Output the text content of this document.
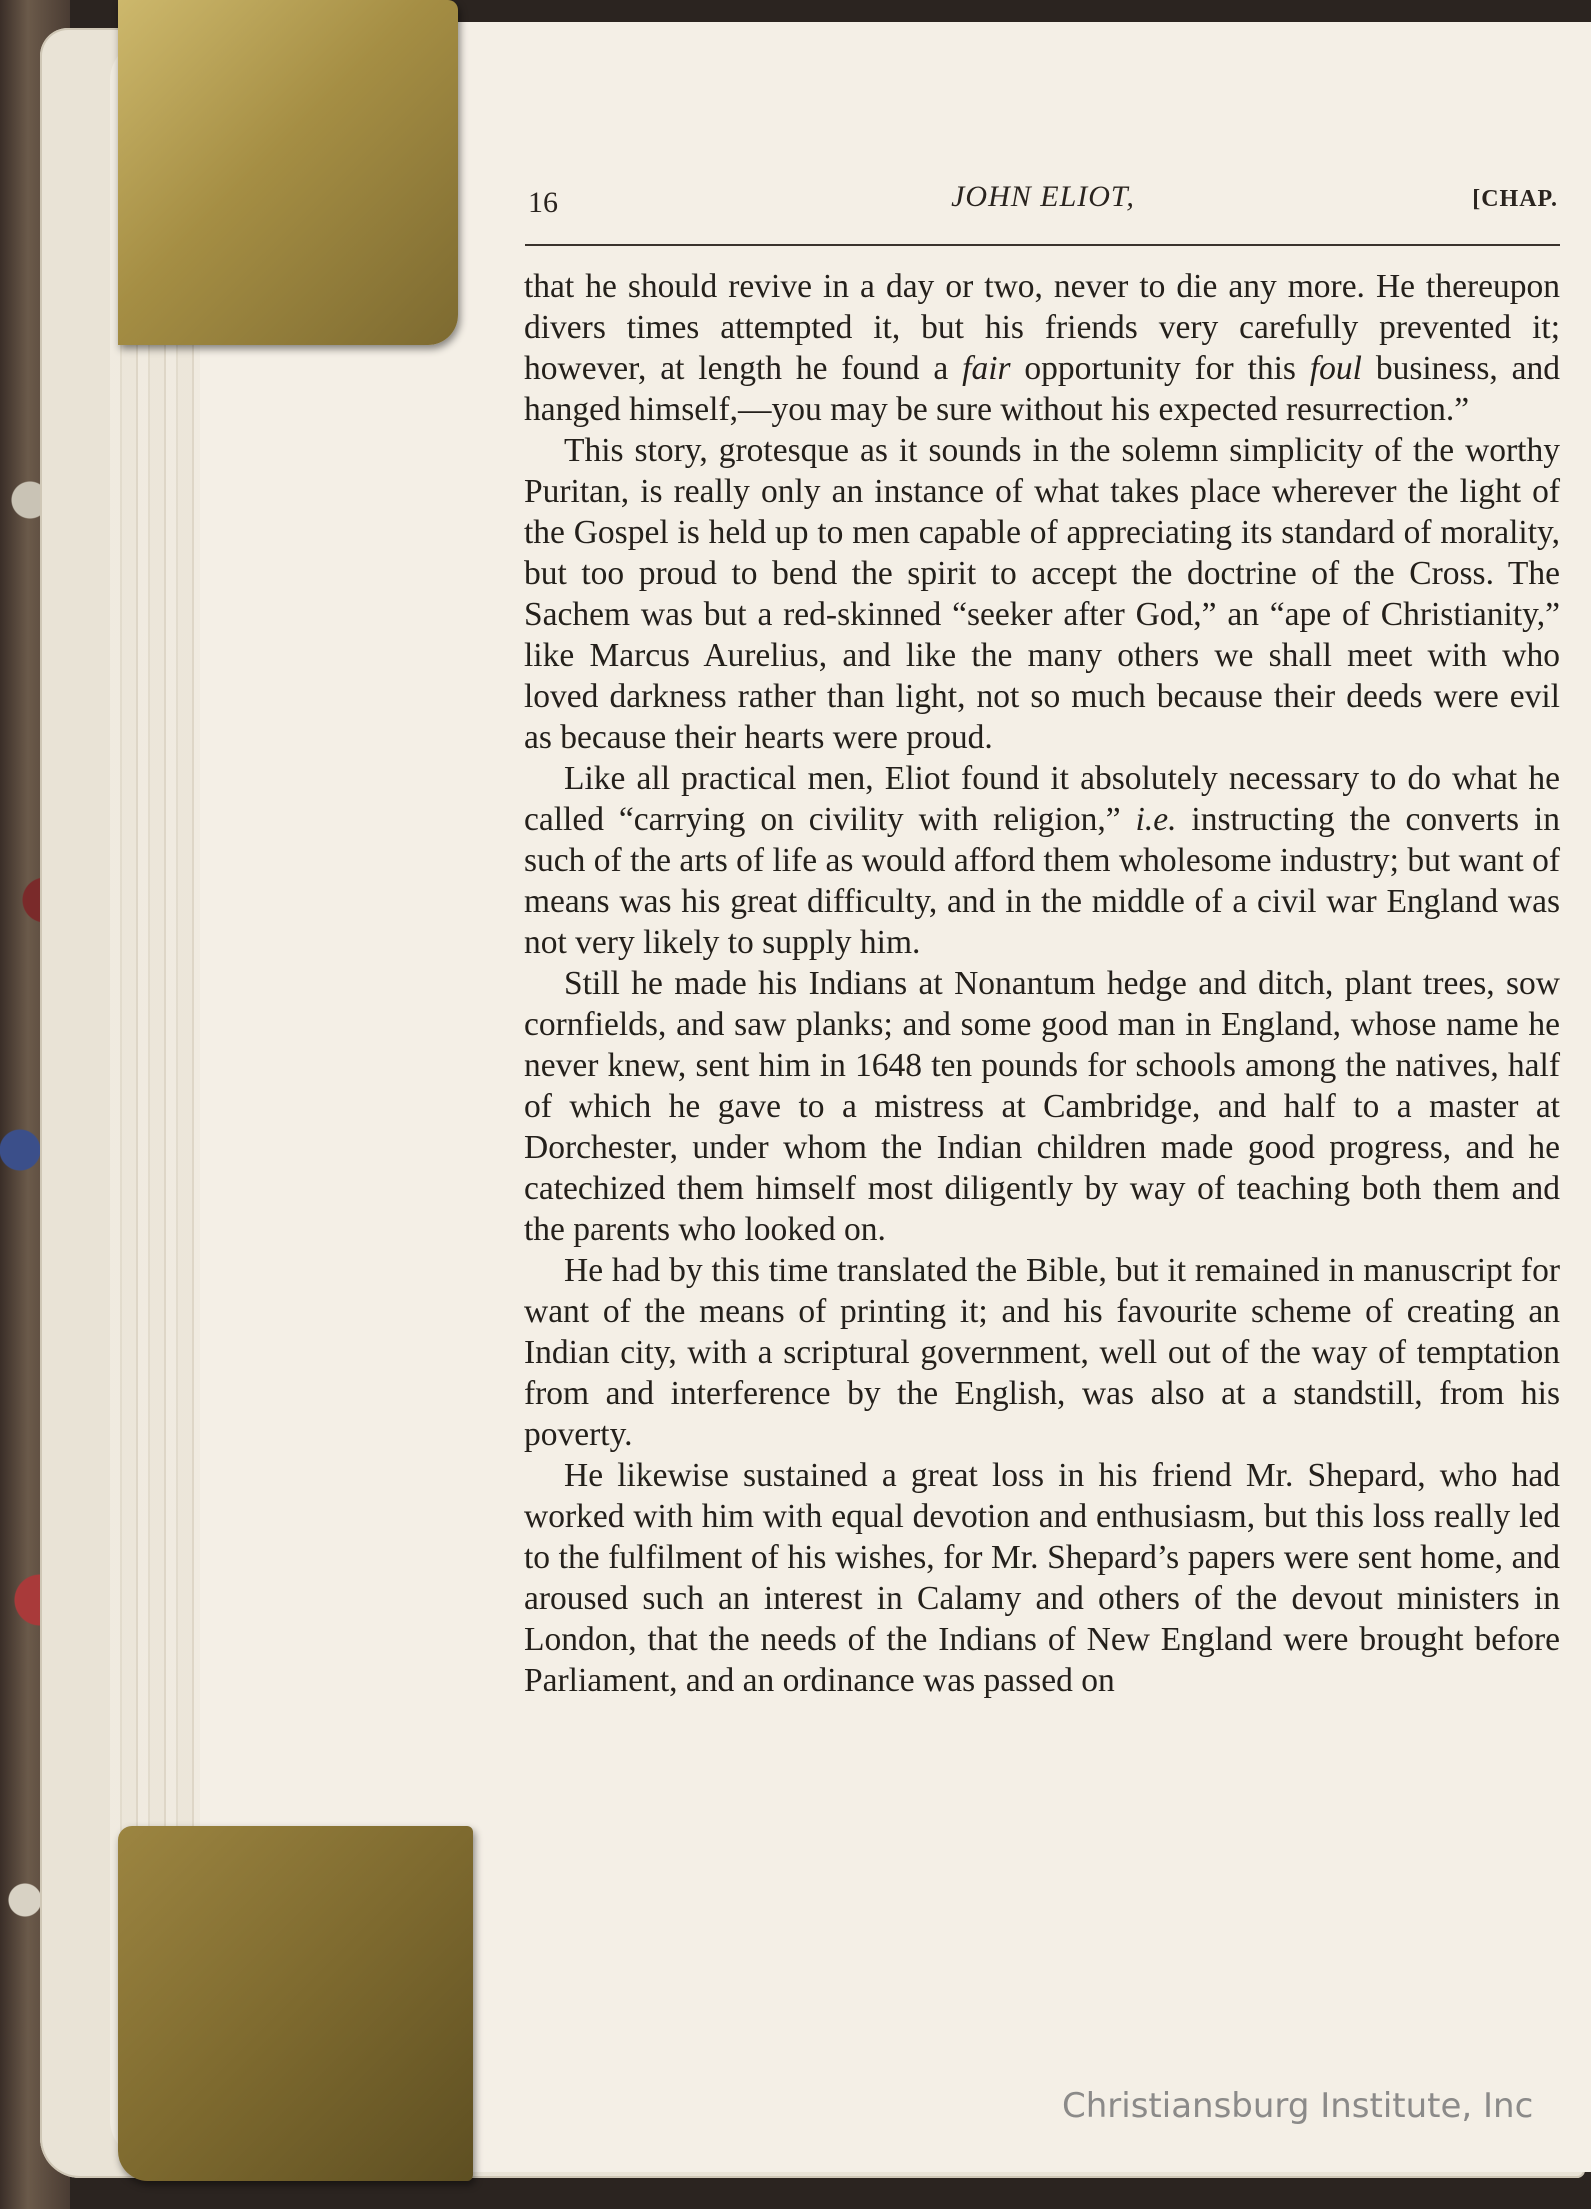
16	JOHN ELIOT,	[CHAP.

that he should revive in a day or two, never to die any more. He thereupon divers times attempted it, but his friends very carefully prevented it; however, at length he found a fair opportunity for this foul business, and hanged himself,—you may be sure without his expected resurrection.”

This story, grotesque as it sounds in the solemn simplicity of the worthy Puritan, is really only an instance of what takes place wherever the light of the Gospel is held up to men capable of appreciating its standard of morality, but too proud to bend the spirit to accept the doctrine of the Cross. The Sachem was but a red-skinned “seeker after God,” an “ape of Christianity,” like Marcus Aurelius, and like the many others we shall meet with who loved darkness rather than light, not so much because their deeds were evil as because their hearts were proud.

Like all practical men, Eliot found it absolutely necessary to do what he called “carrying on civility with religion,” i.e. instructing the converts in such of the arts of life as would afford them wholesome industry; but want of means was his great difficulty, and in the middle of a civil war England was not very likely to supply him.

Still he made his Indians at Nonantum hedge and ditch, plant trees, sow cornfields, and saw planks; and some good man in England, whose name he never knew, sent him in 1648 ten pounds for schools among the natives, half of which he gave to a mistress at Cambridge, and half to a master at Dorchester, under whom the Indian children made good progress, and he catechized them himself most diligently by way of teaching both them and the parents who looked on.

He had by this time translated the Bible, but it remained in manuscript for want of the means of printing it; and his favourite scheme of creating an Indian city, with a scriptural government, well out of the way of temptation from and interference by the English, was also at a standstill, from his poverty.

He likewise sustained a great loss in his friend Mr. Shepard, who had worked with him with equal devotion and enthusiasm, but this loss really led to the fulfilment of his wishes, for Mr. Shepard’s papers were sent home, and aroused such an interest in Calamy and others of the devout ministers in London, that the needs of the Indians of New England were brought before Parliament, and an ordinance was passed on

Christiansburg Institute, Inc
